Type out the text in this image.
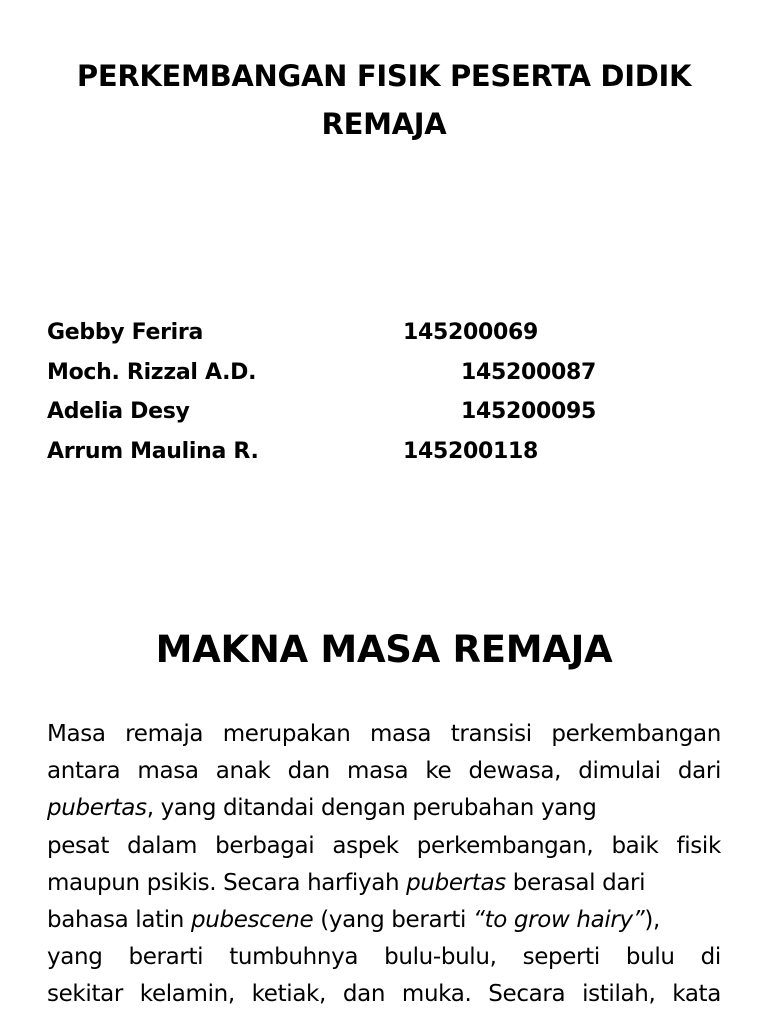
PERKEMBANGAN FISIK PESERTA DIDIK
REMAJA
Gebby Ferira	145200069
Moch. Rizzal A.D.	145200087
Adelia Desy	145200095
Arrum Maulina R.	145200118
MAKNA MASA REMAJA
Masa remaja merupakan masa transisi perkembangan
antara masa anak dan masa ke dewasa, dimulai dari
pubertas, yang ditandai dengan perubahan yang
pesat dalam berbagai aspek perkembangan, baik fisik
maupun psikis. Secara harfiyah pubertas berasal dari
bahasa latin pubescene (yang berarti “to grow hairy”),
yang berarti tumbuhnya bulu-bulu, seperti bulu di
sekitar kelamin, ketiak, dan muka. Secara istilah, kata
